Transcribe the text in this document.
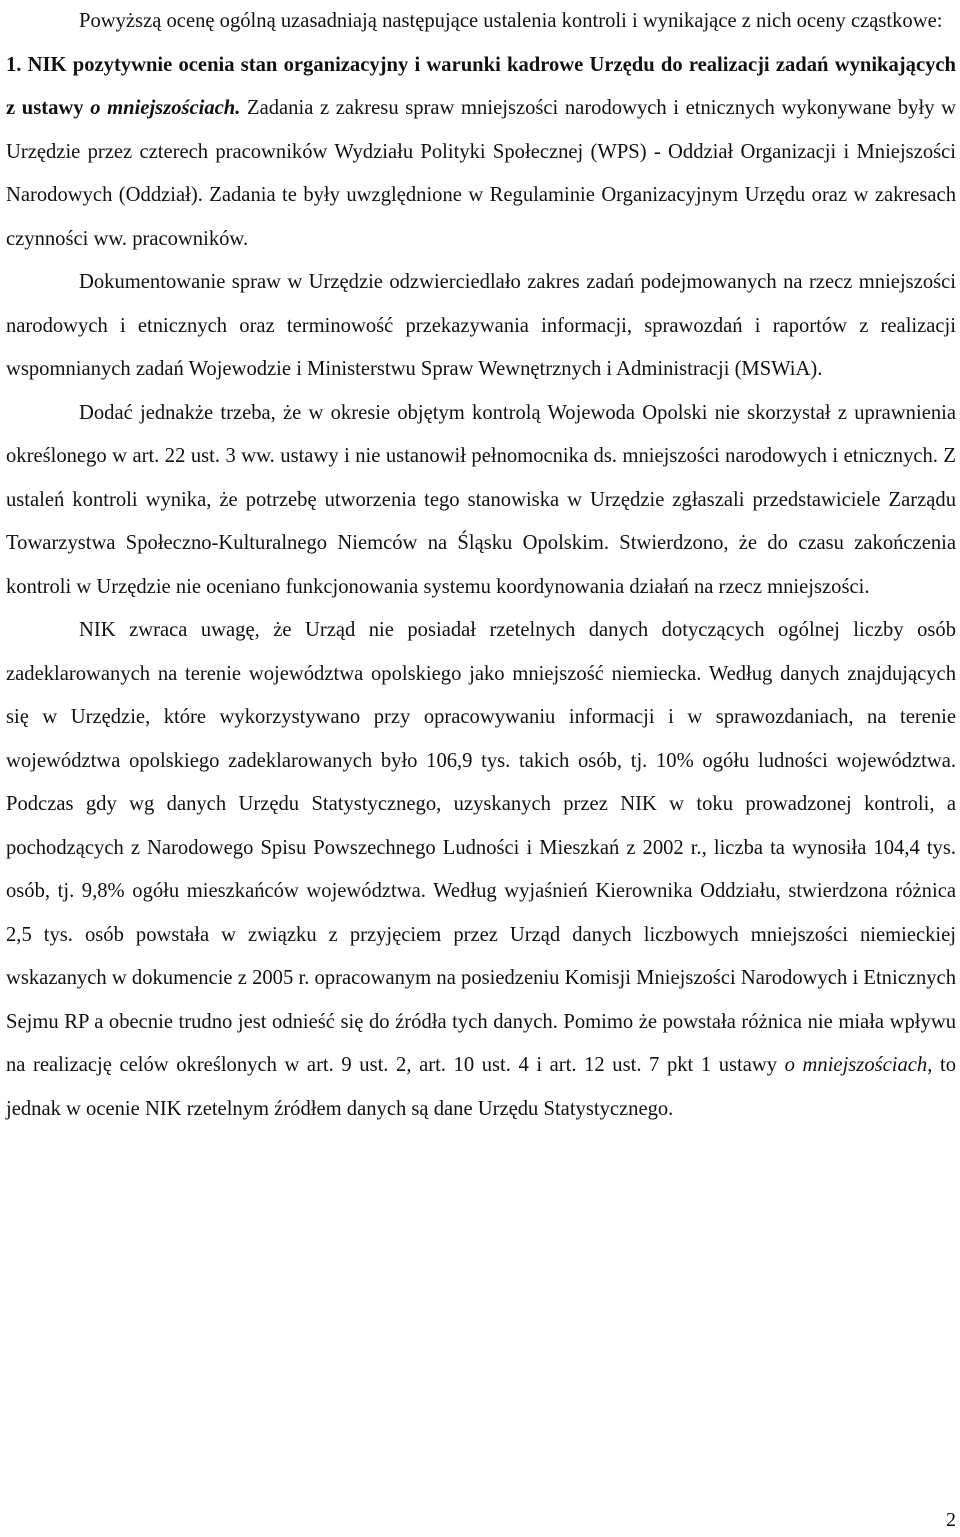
Powyższą ocenę ogólną uzasadniają następujące ustalenia kontroli i wynikające z nich oceny cząstkowe:

1. NIK pozytywnie ocenia stan organizacyjny i warunki kadrowe Urzędu do realizacji zadań wynikających z ustawy o mniejszościach. Zadania z zakresu spraw mniejszości narodowych i etnicznych wykonywane były w Urzędzie przez czterech pracowników Wydziału Polityki Społecznej (WPS) - Oddział Organizacji i Mniejszości Narodowych (Oddział). Zadania te były uwzględnione w Regulaminie Organizacyjnym Urzędu oraz w zakresach czynności ww. pracowników.

Dokumentowanie spraw w Urzędzie odzwierciedlało zakres zadań podejmowanych na rzecz mniejszości narodowych i etnicznych oraz terminowość przekazywania informacji, sprawozdań i raportów z realizacji wspomnianych zadań Wojewodzie i Ministerstwu Spraw Wewnętrznych i Administracji (MSWiA).

Dodać jednakże trzeba, że w okresie objętym kontrolą Wojewoda Opolski nie skorzystał z uprawnienia określonego w art. 22 ust. 3 ww. ustawy i nie ustanowił pełnomocnika ds. mniejszości narodowych i etnicznych. Z ustaleń kontroli wynika, że potrzebę utworzenia tego stanowiska w Urzędzie zgłaszali przedstawiciele Zarządu Towarzystwa Społeczno-Kulturalnego Niemców na Śląsku Opolskim. Stwierdzono, że do czasu zakończenia kontroli w Urzędzie nie oceniano funkcjonowania systemu koordynowania działań na rzecz mniejszości.

NIK zwraca uwagę, że Urząd nie posiadał rzetelnych danych dotyczących ogólnej liczby osób zadeklarowanych na terenie województwa opolskiego jako mniejszość niemiecka. Według danych znajdujących się w Urzędzie, które wykorzystywano przy opracowywaniu informacji i w sprawozdaniach, na terenie województwa opolskiego zadeklarowanych było 106,9 tys. takich osób, tj. 10% ogółu ludności województwa. Podczas gdy wg danych Urzędu Statystycznego, uzyskanych przez NIK w toku prowadzonej kontroli, a pochodzących z Narodowego Spisu Powszechnego Ludności i Mieszkań z 2002 r., liczba ta wynosiła 104,4 tys. osób, tj. 9,8% ogółu mieszkańców województwa. Według wyjaśnień Kierownika Oddziału, stwierdzona różnica 2,5 tys. osób powstała w związku z przyjęciem przez Urząd danych liczbowych mniejszości niemieckiej wskazanych w dokumencie z 2005 r. opracowanym na posiedzeniu Komisji Mniejszości Narodowych i Etnicznych Sejmu RP a obecnie trudno jest odnieść się do źródła tych danych. Pomimo że powstała różnica nie miała wpływu na realizację celów określonych w art. 9 ust. 2, art. 10 ust. 4 i art. 12 ust. 7 pkt 1 ustawy o mniejszościach, to jednak w ocenie NIK rzetelnym źródłem danych są dane Urzędu Statystycznego.

2
